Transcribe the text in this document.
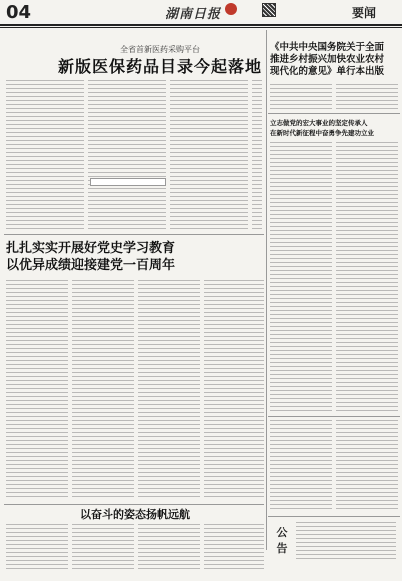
04	湖南日报	要闻
全省首新医药采购平台
新版医保药品目录今起落地
《中共中央国务院关于全面
推进乡村振兴加快农业农村
现代化的意见》单行本出版
立志做党的宏大事业的坚定传承人
在新时代新征程中奋勇争先建功立业
公
告
扎扎实实开展好党史学习教育
以优异成绩迎接建党一百周年
以奋斗的姿态扬帆远航
